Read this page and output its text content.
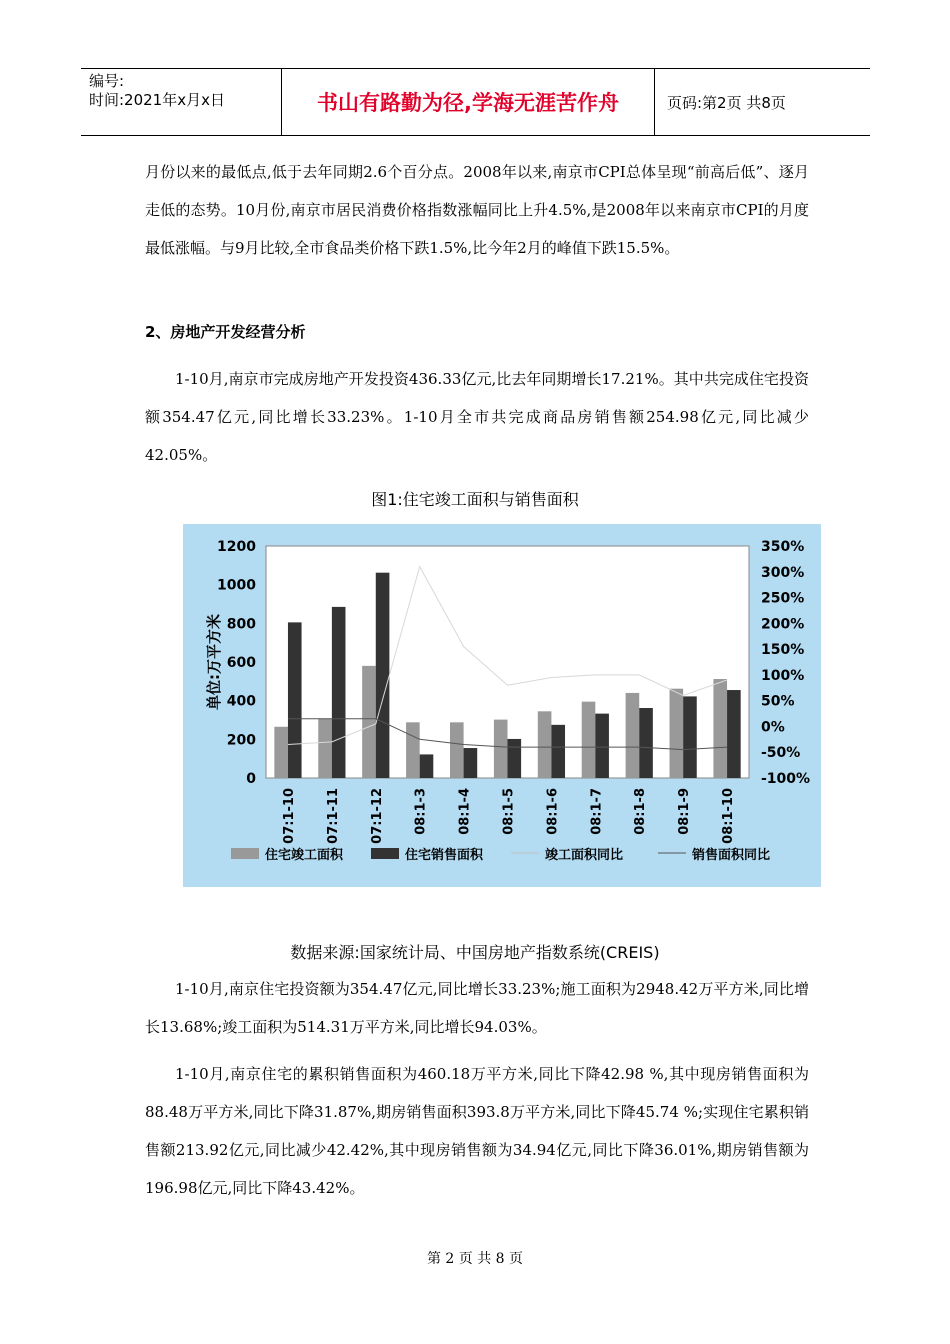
编号:
时间:2021年x月x日	书山有路勤为径,学海无涯苦作舟	页码:第2页 共8页
月份以来的最低点,低于去年同期2.6个百分点。2008年以来,南京市CPI总体呈现“前高后低”、逐月走低的态势。10月份,南京市居民消费价格指数涨幅同比上升4.5%,是2008年以来南京市CPI的月度最低涨幅。与9月比较,全市食品类价格下跌1.5%,比今年2月的峰值下跌15.5%。
2、房地产开发经营分析
1-10月,南京市完成房地产开发投资436.33亿元,比去年同期增长17.21%。其中共完成住宅投资额354.47亿元,同比增长33.23%。1-10月全市共完成商品房销售额254.98亿元,同比减少42.05%。
图1:住宅竣工面积与销售面积
1200
1000
800
600
400
200
0
350%
300%
250%
200%
150%
100%
50%
0%
-50%
-100%
单位:万平方米
07:1-10 07:1-11 07:1-12 08:1-3 08:1-4 08:1-5 08:1-6 08:1-7 08:1-8 08:1-9 08:1-10
住宅竣工面积	住宅销售面积	竣工面积同比	销售面积同比
数据来源:国家统计局、中国房地产指数系统(CREIS)
1-10月,南京住宅投资额为354.47亿元,同比增长33.23%;施工面积为2948.42万平方米,同比增长13.68%;竣工面积为514.31万平方米,同比增长94.03%。
1-10月,南京住宅的累积销售面积为460.18万平方米,同比下降42.98 %,其中现房销售面积为88.48万平方米,同比下降31.87%,期房销售面积393.8万平方米,同比下降45.74 %;实现住宅累积销售额213.92亿元,同比减少42.42%,其中现房销售额为34.94亿元,同比下降36.01%,期房销售额为196.98亿元,同比下降43.42%。
第 2 页 共 8 页
